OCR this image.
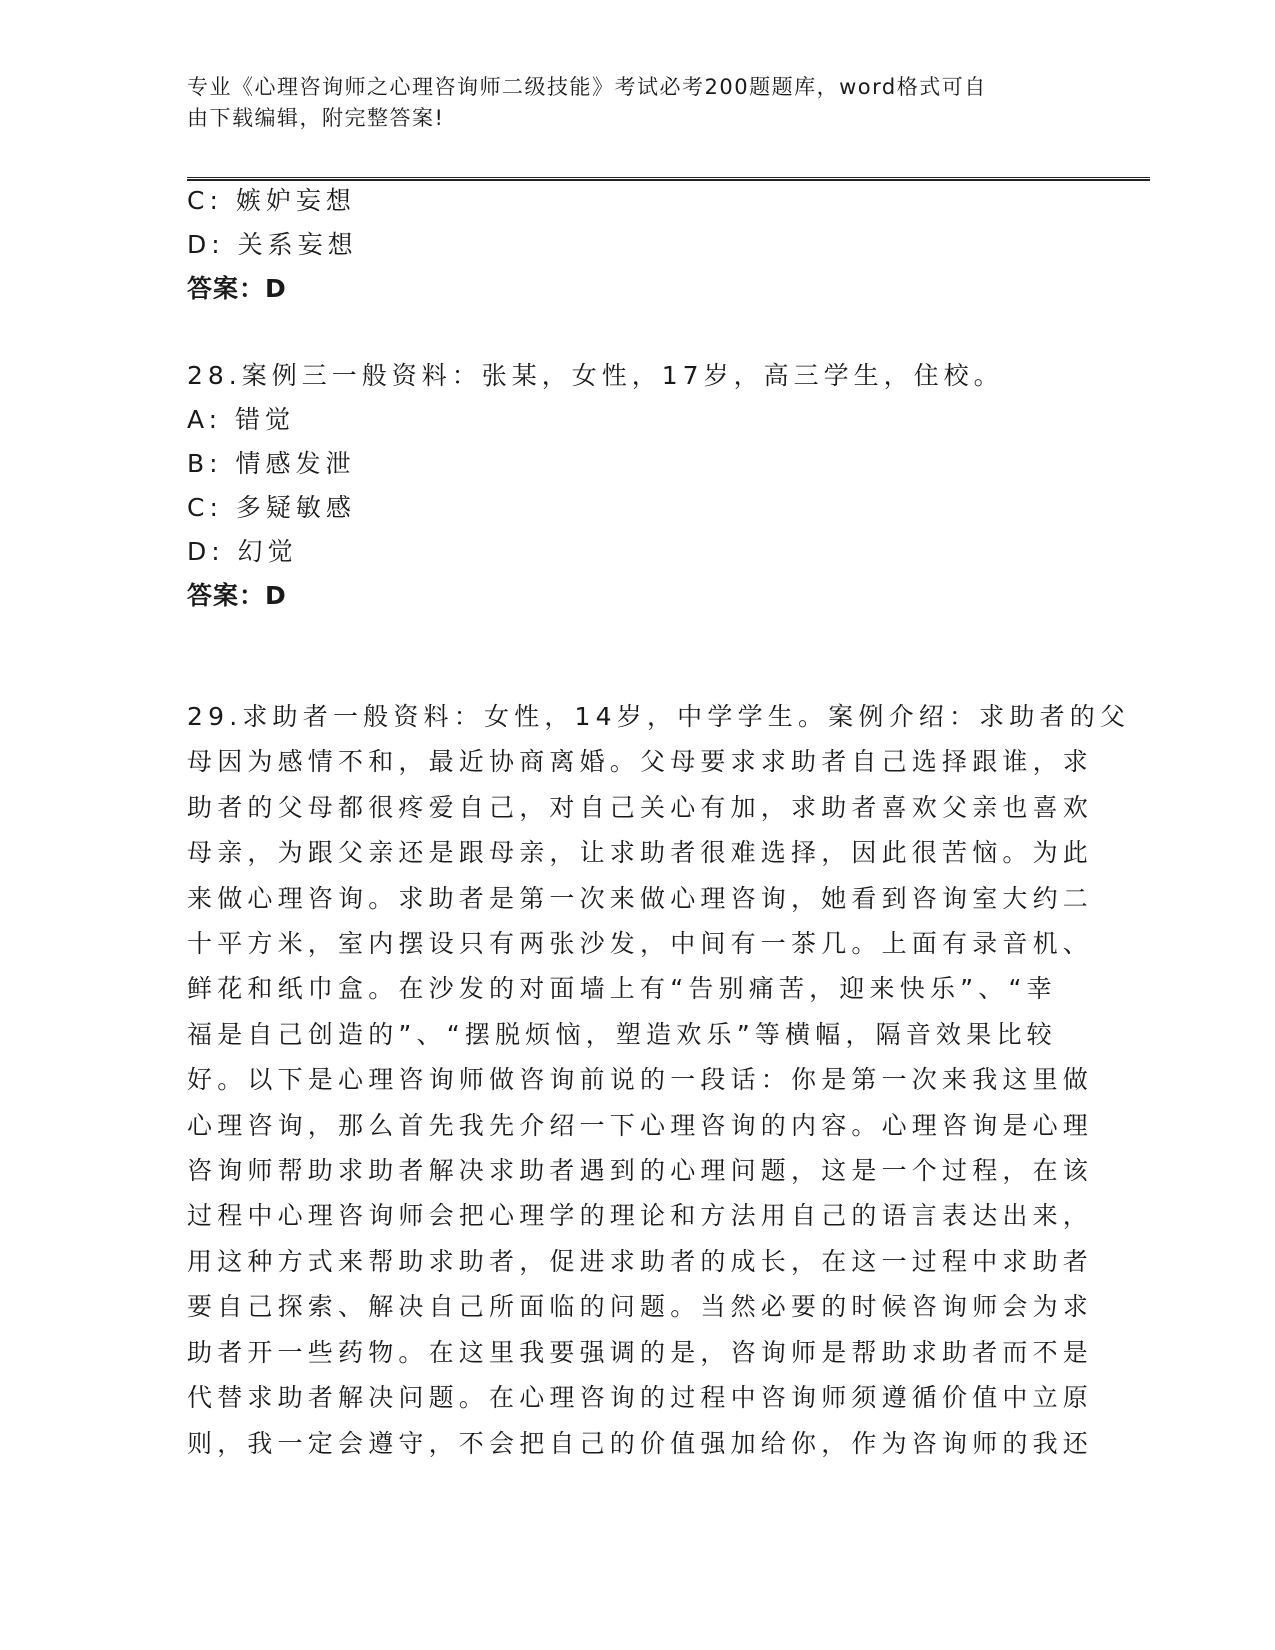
专业《心理咨询师之心理咨询师二级技能》考试必考200题题库，word格式可自
由下载编辑，附完整答案!
C: 嫉妒妄想
D: 关系妄想
答案：D
28.案例三一般资料：张某，女性，17岁，高三学生，住校。
A: 错觉
B: 情感发泄
C: 多疑敏感
D: 幻觉
答案：D
29.求助者一般资料：女性，14岁，中学学生。案例介绍：求助者的父
母因为感情不和，最近协商离婚。父母要求求助者自己选择跟谁，求
助者的父母都很疼爱自己，对自己关心有加，求助者喜欢父亲也喜欢
母亲，为跟父亲还是跟母亲，让求助者很难选择，因此很苦恼。为此
来做心理咨询。求助者是第一次来做心理咨询，她看到咨询室大约二
十平方米，室内摆设只有两张沙发，中间有一茶几。上面有录音机、
鲜花和纸巾盒。在沙发的对面墙上有“告别痛苦，迎来快乐”、“幸
福是自己创造的”、“摆脱烦恼，塑造欢乐”等横幅，隔音效果比较
好。以下是心理咨询师做咨询前说的一段话：你是第一次来我这里做
心理咨询，那么首先我先介绍一下心理咨询的内容。心理咨询是心理
咨询师帮助求助者解决求助者遇到的心理问题，这是一个过程，在该
过程中心理咨询师会把心理学的理论和方法用自己的语言表达出来，
用这种方式来帮助求助者，促进求助者的成长，在这一过程中求助者
要自己探索、解决自己所面临的问题。当然必要的时候咨询师会为求
助者开一些药物。在这里我要强调的是，咨询师是帮助求助者而不是
代替求助者解决问题。在心理咨询的过程中咨询师须遵循价值中立原
则，我一定会遵守，不会把自己的价值强加给你，作为咨询师的我还
